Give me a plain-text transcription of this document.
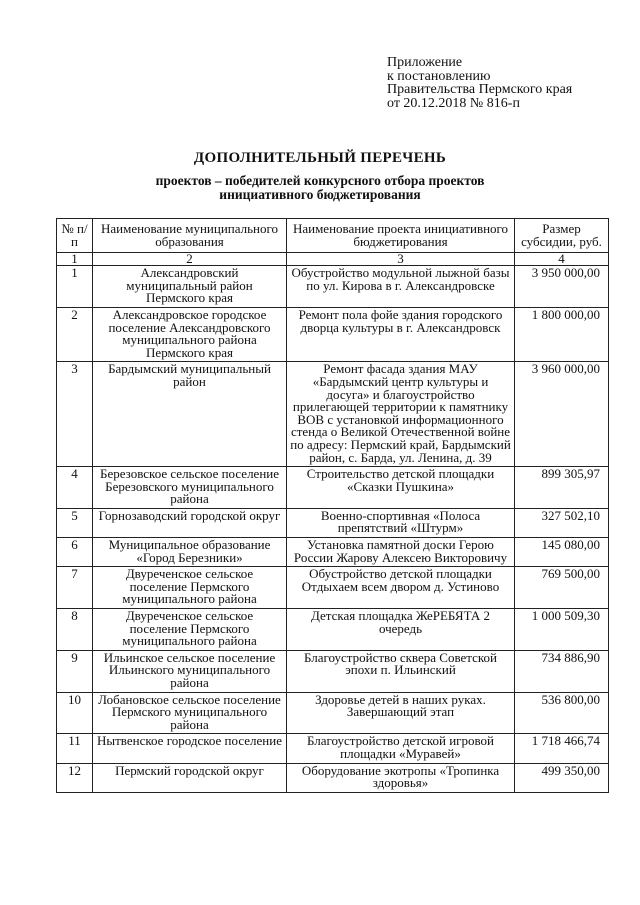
Приложение
к постановлению
Правительства Пермского края
от 20.12.2018 № 816-п
ДОПОЛНИТЕЛЬНЫЙ ПЕРЕЧЕНЬ
проектов – победителей конкурсного отбора проектов
инициативного бюджетирования
№ п/п	Наименование муниципального образования	Наименование проекта инициативного бюджетирования	Размер субсидии, руб.
1	2	3	4
1	Александровский муниципальный район Пермского края	Обустройство модульной лыжной базы по ул. Кирова в г. Александровске	3 950 000,00
2	Александровское городское поселение Александровского муниципального района Пермского края	Ремонт пола фойе здания городского дворца культуры в г. Александровск	1 800 000,00
3	Бардымский муниципальный район	Ремонт фасада здания МАУ «Бардымский центр культуры и досуга» и благоустройство прилегающей территории к памятнику ВОВ с установкой информационного стенда о Великой Отечественной войне по адресу: Пермский край, Бардымский район, с. Барда, ул. Ленина, д. 39	3 960 000,00
4	Березовское сельское поселение Березовского муниципального района	Строительство детской площадки «Сказки Пушкина»	899 305,97
5	Горнозаводский городской округ	Военно-спортивная «Полоса препятствий «Штурм»	327 502,10
6	Муниципальное образование «Город Березники»	Установка памятной доски Герою России Жарову Алексею Викторовичу	145 080,00
7	Двуреченское сельское поселение Пермского муниципального района	Обустройство детской площадки Отдыхаем всем двором д. Устиново	769 500,00
8	Двуреченское сельское поселение Пермского муниципального района	Детская площадка ЖеРЕБЯТА 2 очередь	1 000 509,30
9	Ильинское сельское поселение Ильинского муниципального района	Благоустройство сквера Советской эпохи п. Ильинский	734 886,90
10	Лобановское сельское поселение Пермского муниципального района	Здоровье детей в наших руках. Завершающий этап	536 800,00
11	Нытвенское городское поселение	Благоустройство детской игровой площадки «Муравей»	1 718 466,74
12	Пермский городской округ	Оборудование экотропы «Тропинка здоровья»	499 350,00
